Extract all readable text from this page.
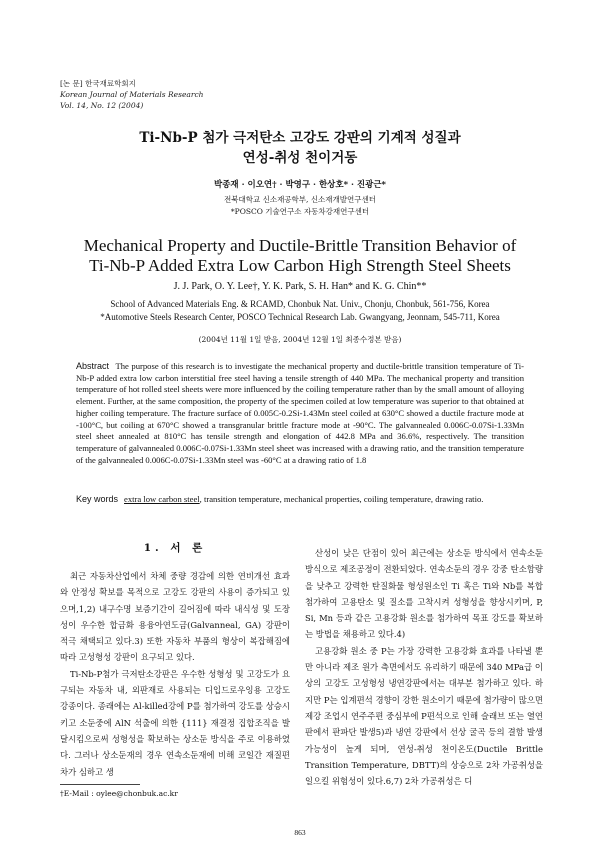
[논 문] 한국재료학회지
Korean Journal of Materials Research
Vol. 14, No. 12 (2004)
Ti-Nb-P 첨가 극저탄소 고강도 강판의 기계적 성질과
연성-취성 천이거동
박종재 · 이오연† · 박영구 · 한상호* · 진광근*
전북대학교 신소재공학부, 신소재개발연구센터
*POSCO 기술연구소 자동차강재연구센터
Mechanical Property and Ductile-Brittle Transition Behavior of
Ti-Nb-P Added Extra Low Carbon High Strength Steel Sheets
J. J. Park, O. Y. Lee†, Y. K. Park, S. H. Han* and K. G. Chin**
School of Advanced Materials Eng. & RCAMD, Chonbuk Nat. Univ., Chonju, Chonbuk, 561-756, Korea
*Automotive Steels Research Center, POSCO Technical Research Lab. Gwangyang, Jeonnam, 545-711, Korea
(2004년 11월 1일 받음, 2004년 12월 1일 최종수정본 받음)
Abstract The purpose of this research is to investigate the mechanical property and ductile-brittle transition temperature of Ti-Nb-P added extra low carbon interstitial free steel having a tensile strength of 440 MPa. The mechanical property and transition temperature of hot rolled steel sheets were more influenced by the coiling temperature rather than by the small amount of alloying element. Further, at the same composition, the property of the specimen coiled at low temperature was superior to that obtained at higher coiling temperature. The fracture surface of 0.005C-0.2Si-1.43Mn steel coiled at 630°C showed a ductile fracture mode at -100°C, but coiling at 670°C showed a transgranular brittle fracture mode at -90°C. The galvannealed 0.006C-0.07Si-1.33Mn steel sheet annealed at 810°C has tensile strength and elongation of 442.8 MPa and 36.6%, respectively. The transition temperature of galvannealed 0.006C-0.07Si-1.33Mn steel sheet was increased with a drawing ratio, and the transition temperature of the galvannealed 0.006C-0.07Si-1.33Mn steel was -60°C at a drawing ratio of 1.8
Key words extra low carbon steel, transition temperature, mechanical properties, coiling temperature, drawing ratio.
1. 서 론

최근 자동차산업에서 차체 중량 경감에 의한 연비개선 효과와 안정성 확보를 목적으로 고강도 강판의 사용이 증가되고 있으며,1,2) 내구수명 보증기간이 길어짐에 따라 내식성 및 도장성이 우수한 합금화 용융아연도금(Galvanneal, GA) 강판이 적극 채택되고 있다.3) 또한 자동차 부품의 형상이 복잡해짐에 따라 고성형성 강판이 요구되고 있다.

Ti-Nb-P첨가 극저탄소강판은 우수한 성형성 및 고강도가 요구되는 자동차 내, 외판재로 사용되는 디입드로우잉용 고강도 강종이다. 종래에는 Al-killed강에 P를 첨가하여 강도를 상승시키고 소둔중에 AlN 석출에 의한 {111} 재결정 집합조직을 발달시킴으로써 성형성을 확보하는 상소둔 방식을 주로 이용하였다. 그러나 상소둔재의 경우 연속소둔재에 비해 코일간 재질편차가 심하고 생

산성이 낮은 단점이 있어 최근에는 상소둔 방식에서 연속소둔 방식으로 제조공정이 전환되었다. 연속소둔의 경우 강중 탄소함량을 낮추고 강력한 탄질화물 형성원소인 Ti 혹은 Ti와 Nb를 복합 첨가하여 고용탄소 및 질소를 고착시켜 성형성을 향상시키며, P, Si, Mn 등과 같은 고용강화 원소를 첨가하여 목표 강도를 확보하는 방법을 채용하고 있다.4)

고용강화 원소 중 P는 가장 강력한 고용강화 효과를 나타낼 뿐만 아니라 제조 원가 측면에서도 유리하기 때문에 340 MPa급 이상의 고강도 고성형성 냉연강판에서는 대부분 첨가하고 있다. 하지만 P는 입계편석 경향이 강한 원소이기 때문에 첨가량이 많으면 제강 조업시 연주주편 중심부에 P편석으로 인해 슬래브 또는 열연판에서 판파단 발생5)과 냉연 강판에서 선상 굴곡 등의 결함 발생 가능성이 높게 되며, 연성-취성 천이온도(Ductile Brittle Transition Temperature, DBTT)의 상승으로 2차 가공취성을 일으킬 위험성이 있다.6,7) 2차 가공취성은 디

†E-Mail : oylee@chonbuk.ac.kr
863
